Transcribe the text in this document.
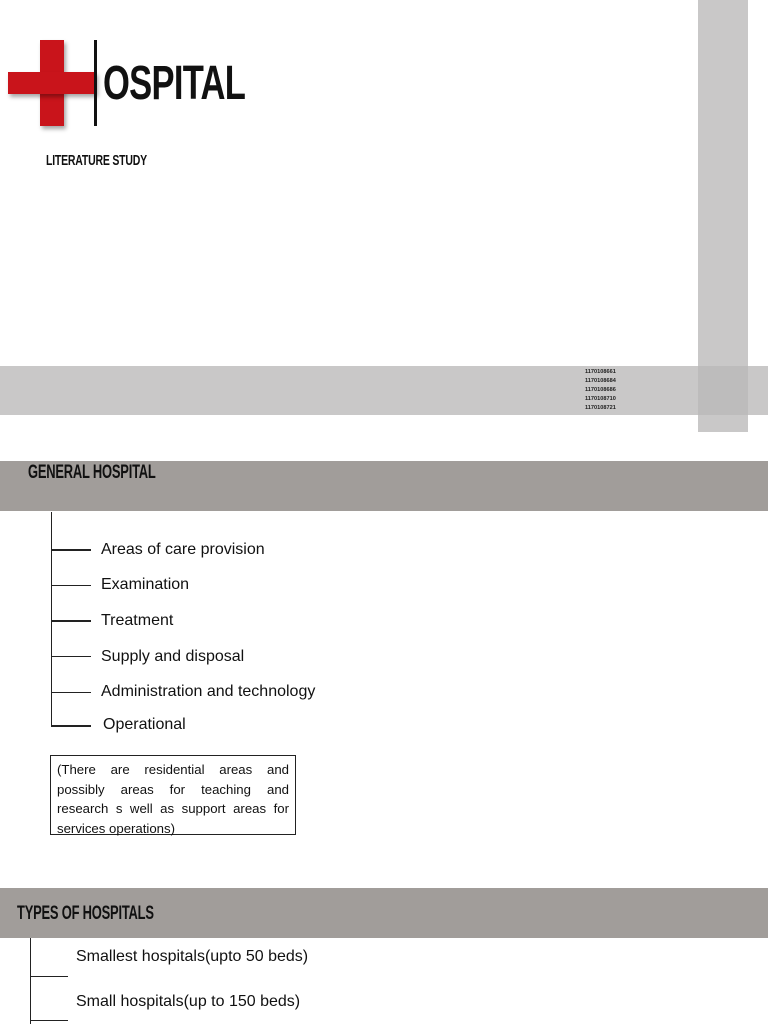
OSPITAL
LITERATURE STUDY
1170108661
1170108684
1170108686
1170108710
1170108721
GENERAL HOSPITAL
Areas of care provision
Examination
Treatment
Supply and disposal
Administration and technology
Operational
(There are residential areas and possibly areas for teaching and research s well as support areas for services operations)
TYPES OF HOSPITALS
Smallest hospitals(upto 50 beds)
Small hospitals(up to 150 beds)
